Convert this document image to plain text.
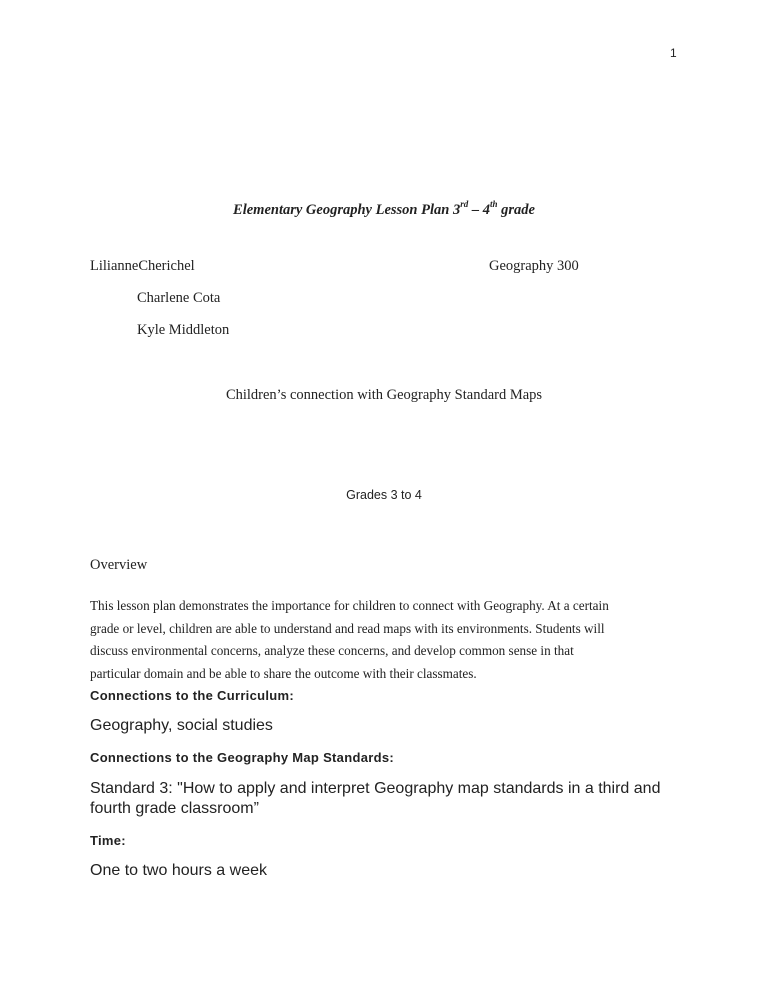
1
Elementary Geography Lesson Plan 3rd – 4th grade
LilianneCherichel	Geography 300
Charlene Cota
Kyle Middleton
Children’s connection with Geography Standard Maps
Grades 3 to 4
Overview
This lesson plan demonstrates the importance for children to connect with Geography. At a certain
grade or level, children are able to understand and read maps with its environments. Students will
discuss environmental concerns, analyze these concerns, and develop common sense in that
particular domain and be able to share the outcome with their classmates.
Connections to the Curriculum:
Geography, social studies
Connections to the Geography Map Standards:
Standard 3: "How to apply and interpret Geography map standards in a third and
fourth grade classroom”
Time:
One to two hours a week
